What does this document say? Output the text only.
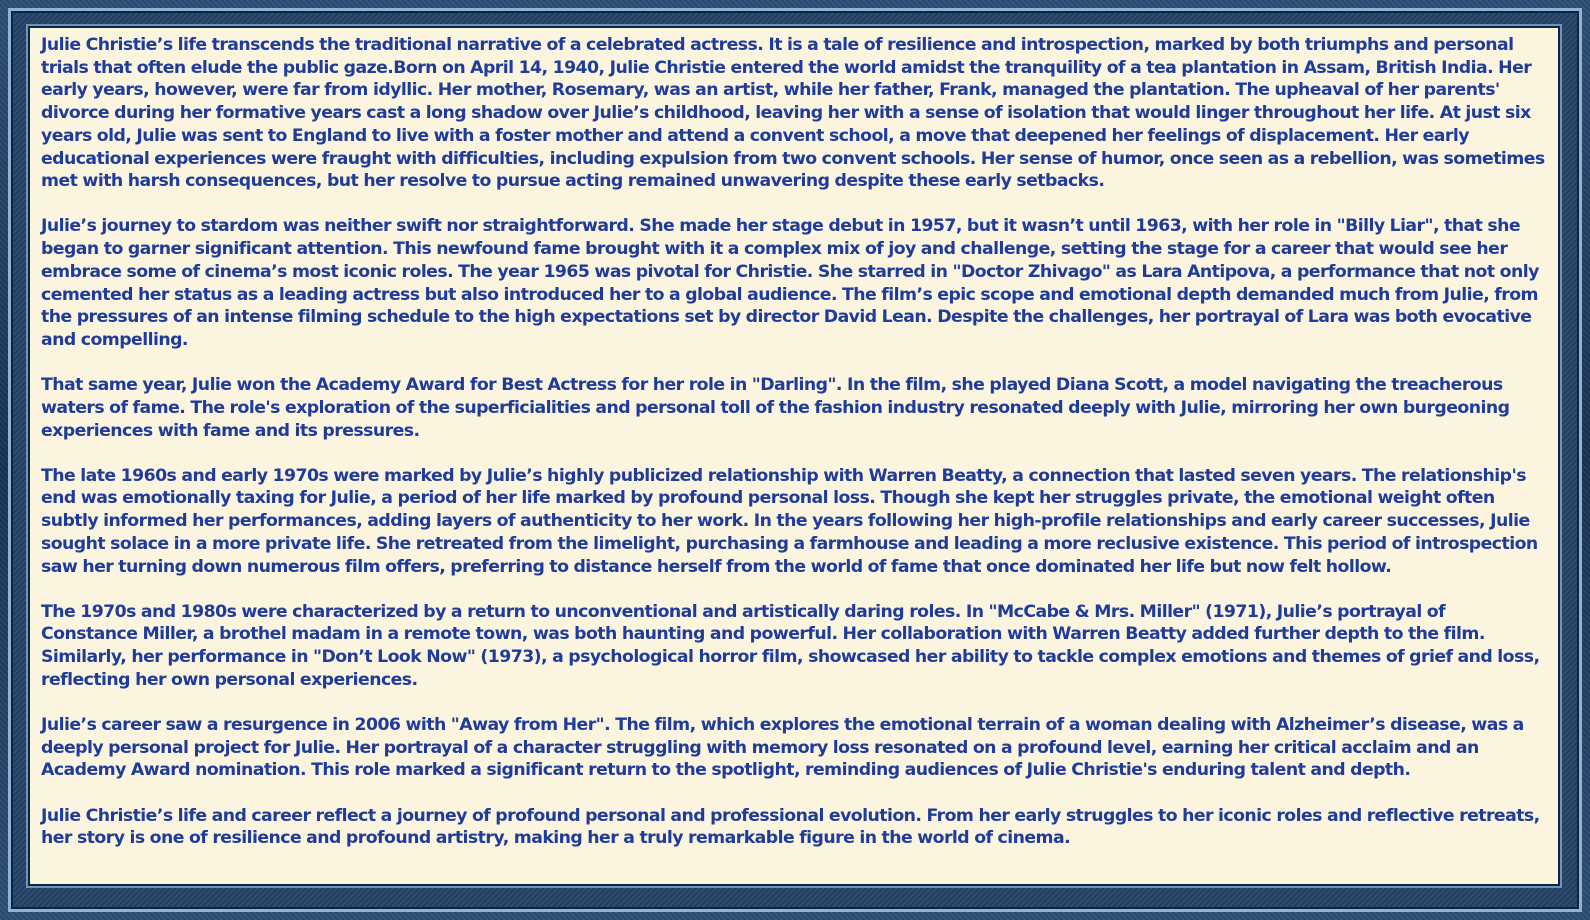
Julie Christie’s life transcends the traditional narrative of a celebrated actress. It is a tale of resilience and introspection, marked by both triumphs and personal trials that often elude the public gaze.Born on April 14, 1940, Julie Christie entered the world amidst the tranquility of a tea plantation in Assam, British India. Her early years, however, were far from idyllic. Her mother, Rosemary, was an artist, while her father, Frank, managed the plantation. The upheaval of her parents' divorce during her formative years cast a long shadow over Julie’s childhood, leaving her with a sense of isolation that would linger throughout her life. At just six years old, Julie was sent to England to live with a foster mother and attend a convent school, a move that deepened her feelings of displacement. Her early educational experiences were fraught with difficulties, including expulsion from two convent schools. Her sense of humor, once seen as a rebellion, was sometimes met with harsh consequences, but her resolve to pursue acting remained unwavering despite these early setbacks.

Julie’s journey to stardom was neither swift nor straightforward. She made her stage debut in 1957, but it wasn’t until 1963, with her role in "Billy Liar", that she began to garner significant attention. This newfound fame brought with it a complex mix of joy and challenge, setting the stage for a career that would see her embrace some of cinema’s most iconic roles. The year 1965 was pivotal for Christie. She starred in "Doctor Zhivago" as Lara Antipova, a performance that not only cemented her status as a leading actress but also introduced her to a global audience. The film’s epic scope and emotional depth demanded much from Julie, from the pressures of an intense filming schedule to the high expectations set by director David Lean. Despite the challenges, her portrayal of Lara was both evocative and compelling.

That same year, Julie won the Academy Award for Best Actress for her role in "Darling". In the film, she played Diana Scott, a model navigating the treacherous waters of fame. The role's exploration of the superficialities and personal toll of the fashion industry resonated deeply with Julie, mirroring her own burgeoning experiences with fame and its pressures.

The late 1960s and early 1970s were marked by Julie’s highly publicized relationship with Warren Beatty, a connection that lasted seven years. The relationship's end was emotionally taxing for Julie, a period of her life marked by profound personal loss. Though she kept her struggles private, the emotional weight often subtly informed her performances, adding layers of authenticity to her work. In the years following her high-profile relationships and early career successes, Julie sought solace in a more private life. She retreated from the limelight, purchasing a farmhouse and leading a more reclusive existence. This period of introspection saw her turning down numerous film offers, preferring to distance herself from the world of fame that once dominated her life but now felt hollow.

The 1970s and 1980s were characterized by a return to unconventional and artistically daring roles. In "McCabe & Mrs. Miller" (1971), Julie’s portrayal of Constance Miller, a brothel madam in a remote town, was both haunting and powerful. Her collaboration with Warren Beatty added further depth to the film. Similarly, her performance in "Don’t Look Now" (1973), a psychological horror film, showcased her ability to tackle complex emotions and themes of grief and loss, reflecting her own personal experiences.

Julie’s career saw a resurgence in 2006 with "Away from Her". The film, which explores the emotional terrain of a woman dealing with Alzheimer’s disease, was a deeply personal project for Julie. Her portrayal of a character struggling with memory loss resonated on a profound level, earning her critical acclaim and an Academy Award nomination. This role marked a significant return to the spotlight, reminding audiences of Julie Christie's enduring talent and depth.

Julie Christie’s life and career reflect a journey of profound personal and professional evolution. From her early struggles to her iconic roles and reflective retreats, her story is one of resilience and profound artistry, making her a truly remarkable figure in the world of cinema.
